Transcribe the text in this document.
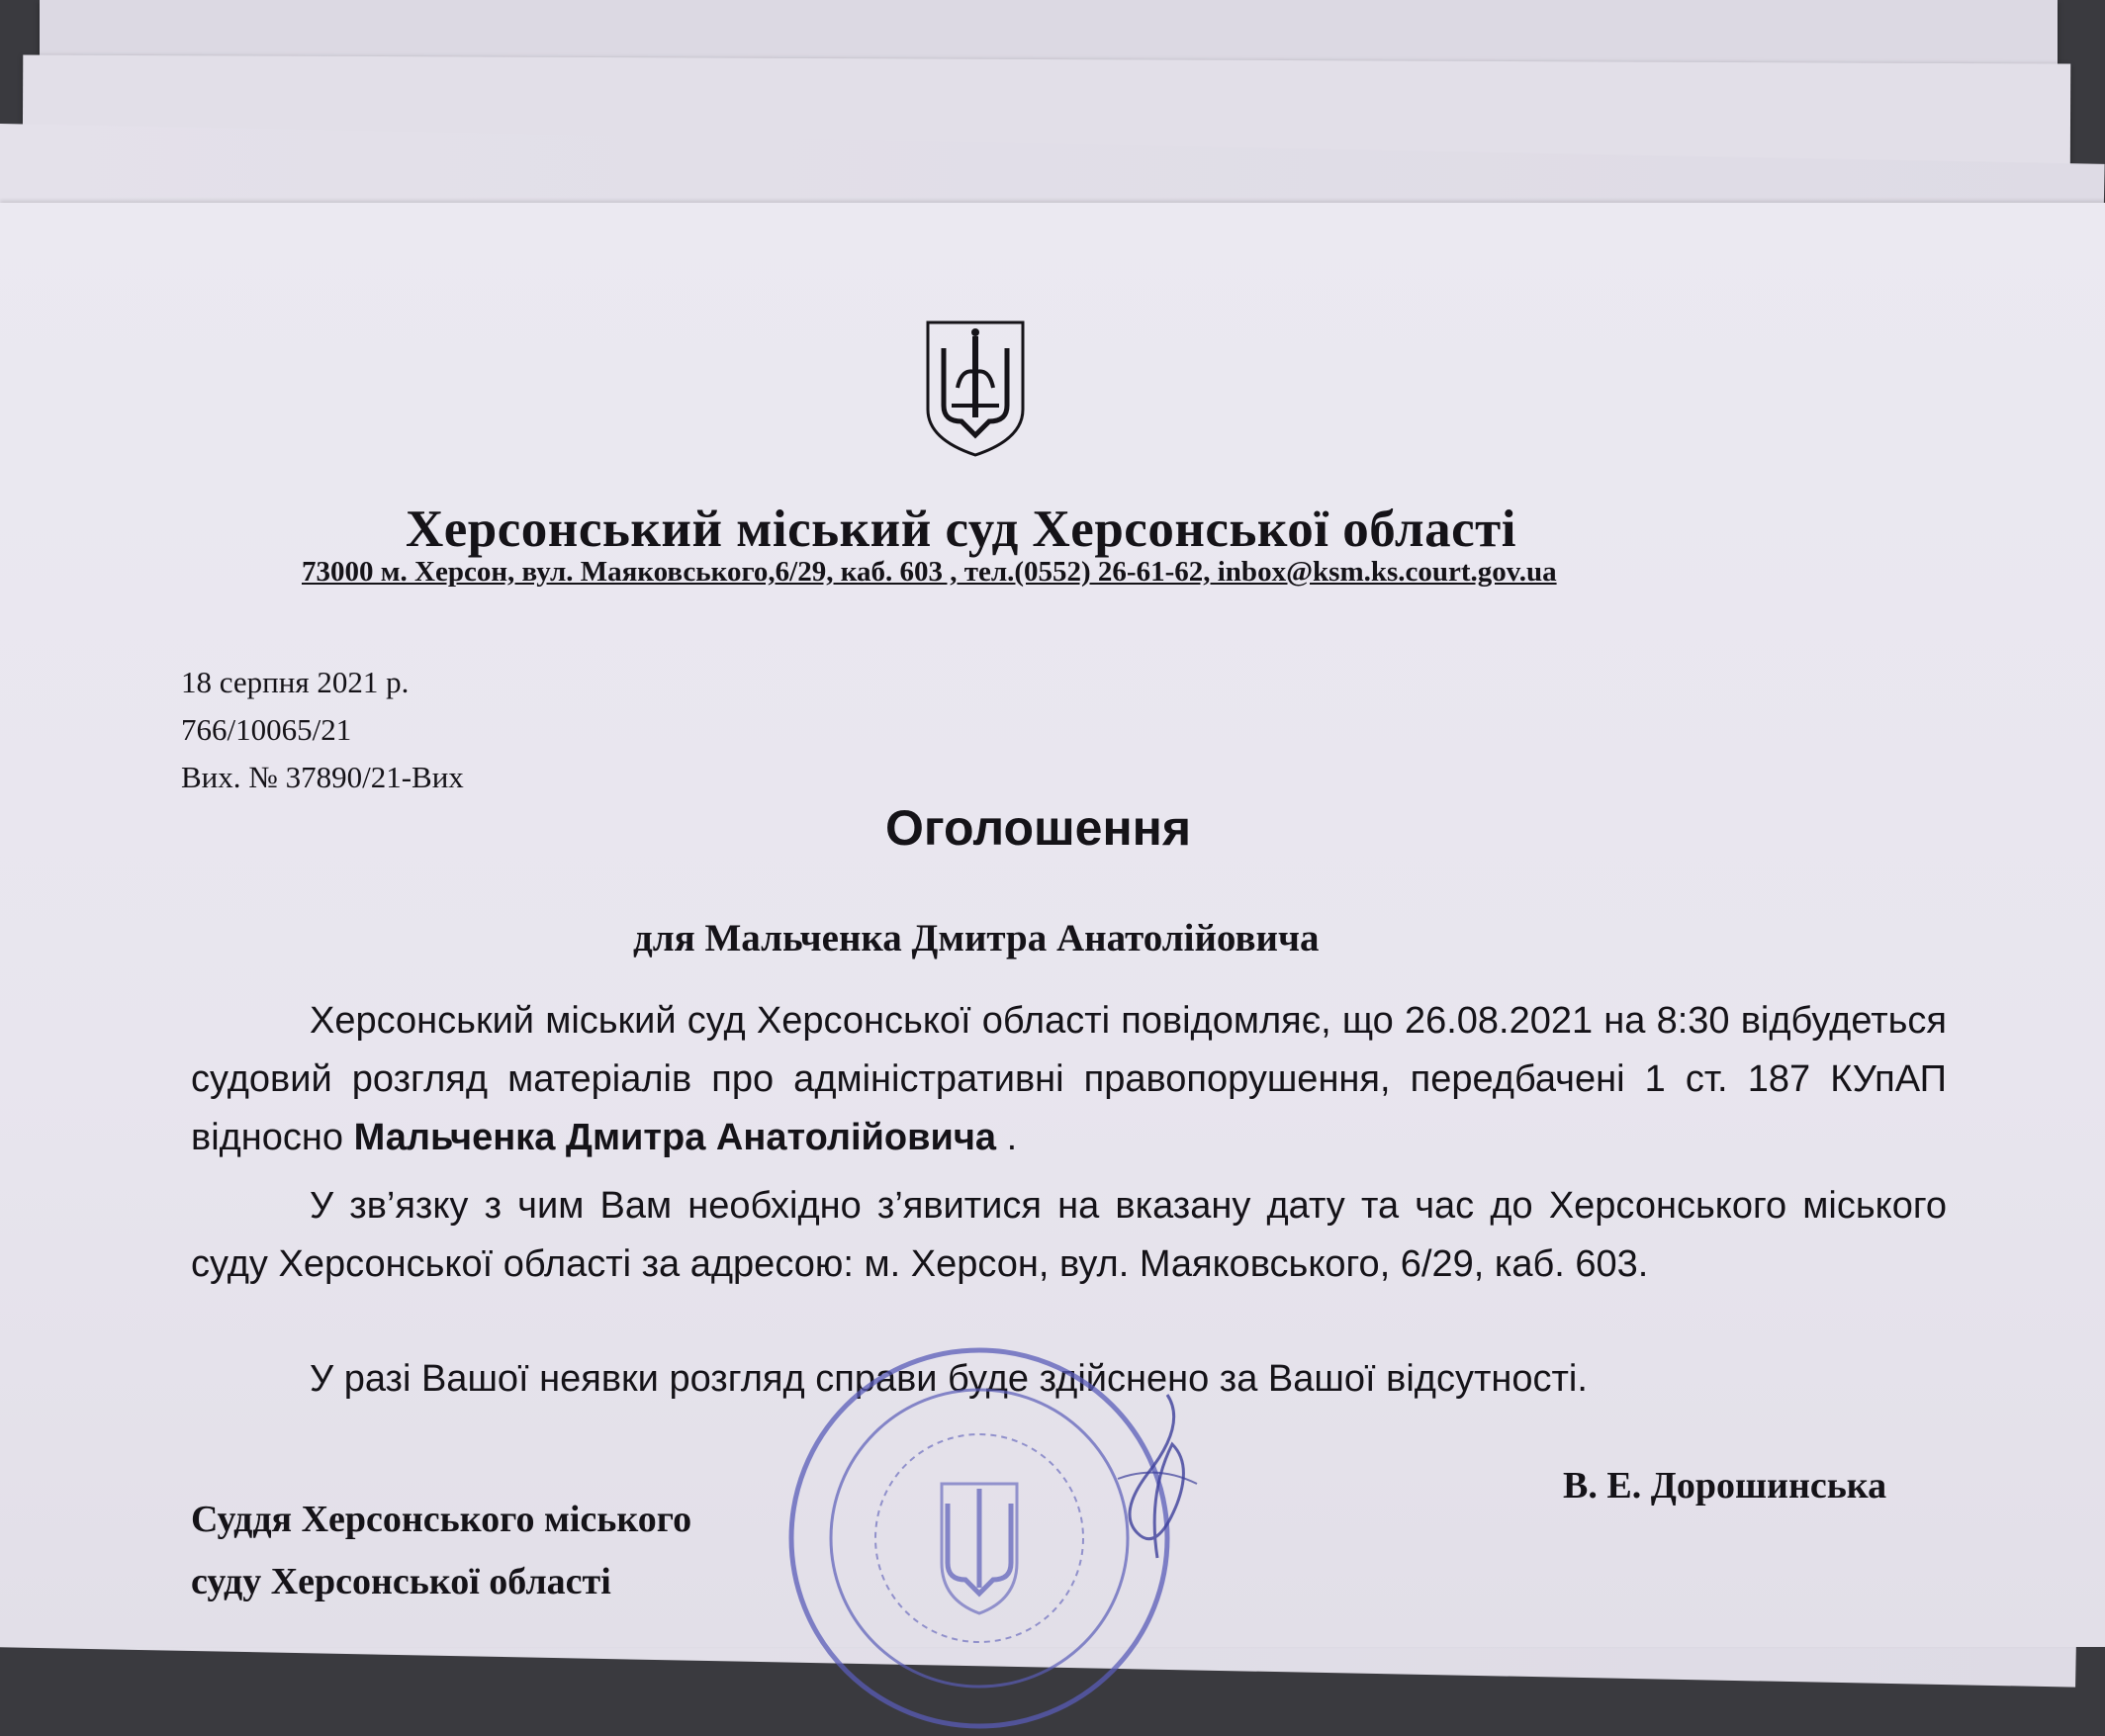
Херсонський міський суд Херсонської області
73000 м. Херсон, вул. Маяковського,6/29, каб. 603 , тел.(0552) 26-61-62, inbox@ksm.ks.court.gov.ua
18 серпня 2021 р.
766/10065/21
Вих. № 37890/21-Вих
Оголошення
для Мальченка Дмитра Анатолійовича
Херсонський міський суд Херсонської області повідомляє, що 26.08.2021 на 8:30 відбудеться судовий розгляд матеріалів про адміністративні правопорушення, передбачені 1 ст. 187 КУпАП відносно Мальченка Дмитра Анатолійовича .
У зв’язку з чим Вам необхідно з’явитися на вказану дату та час до Херсонського міського суду Херсонської області за адресою: м. Херсон, вул. Маяковського, 6/29, каб. 603.
У разі Вашої неявки розгляд справи буде здійснено за Вашої відсутності.
Суддя Херсонського міського
суду Херсонської області
В. Е. Дорошинська
